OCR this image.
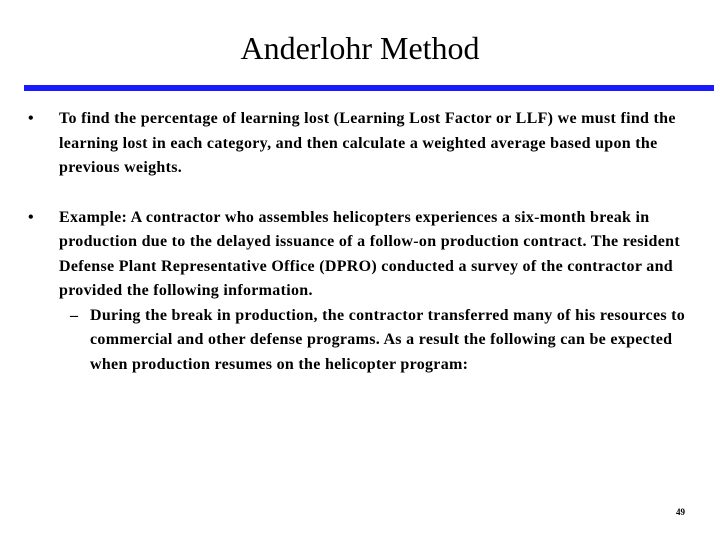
Anderlohr Method
• To find the percentage of learning lost (Learning Lost Factor or LLF) we must find the learning lost in each category, and then calculate a weighted average based upon the previous weights.
• Example: A contractor who assembles helicopters experiences a six-month break in production due to the delayed issuance of a follow-on production contract. The resident Defense Plant Representative Office (DPRO) conducted a survey of the contractor and provided the following information.
– During the break in production, the contractor transferred many of his resources to commercial and other defense programs. As a result the following can be expected when production resumes on the helicopter program:
49
